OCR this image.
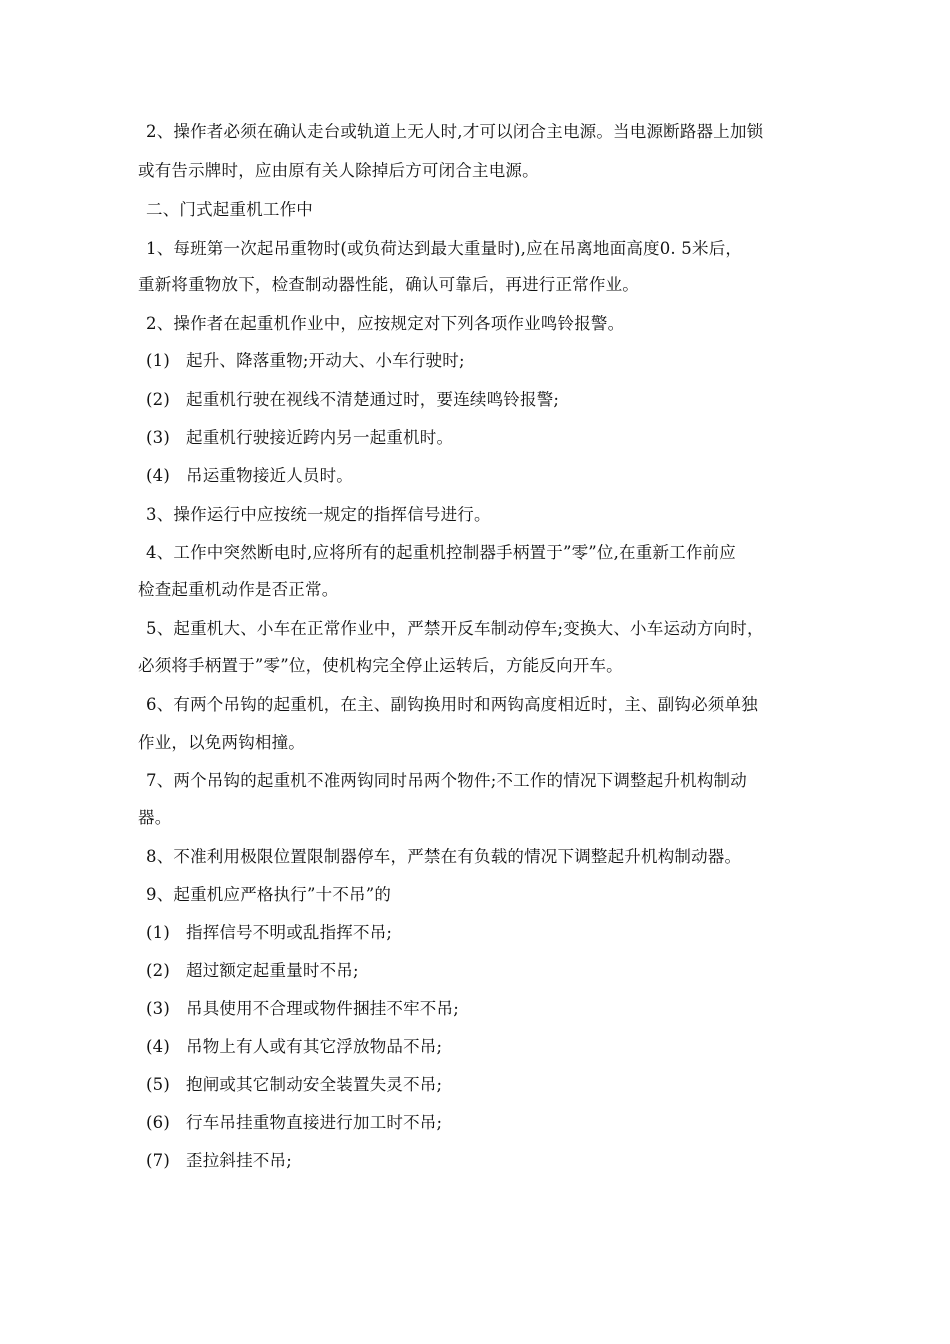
2、操作者必须在确认走台或轨道上无人时,才可以闭合主电源。当电源断路器上加锁
或有告示牌时，应由原有关人除掉后方可闭合主电源。
二、门式起重机工作中
1、每班第一次起吊重物时(或负荷达到最大重量时),应在吊离地面高度0. 5米后，
重新将重物放下，检查制动器性能，确认可靠后，再进行正常作业。
2、操作者在起重机作业中，应按规定对下列各项作业鸣铃报警。
(1) 起升、降落重物;开动大、小车行驶时;
(2) 起重机行驶在视线不清楚通过时，要连续鸣铃报警;
(3) 起重机行驶接近跨内另一起重机时。
(4) 吊运重物接近人员时。
3、操作运行中应按统一规定的指挥信号进行。
4、工作中突然断电时,应将所有的起重机控制器手柄置于”零”位,在重新工作前应
检查起重机动作是否正常。
5、起重机大、小车在正常作业中，严禁开反车制动停车;变换大、小车运动方向时，
必须将手柄置于”零”位，使机构完全停止运转后，方能反向开车。
6、有两个吊钩的起重机，在主、副钩换用时和两钩高度相近时，主、副钩必须单独
作业，以免两钩相撞。
7、两个吊钩的起重机不准两钩同时吊两个物件;不工作的情况下调整起升机构制动
器。
8、不准利用极限位置限制器停车，严禁在有负载的情况下调整起升机构制动器。
9、起重机应严格执行”十不吊”的
(1) 指挥信号不明或乱指挥不吊;
(2) 超过额定起重量时不吊;
(3) 吊具使用不合理或物件捆挂不牢不吊;
(4) 吊物上有人或有其它浮放物品不吊;
(5) 抱闸或其它制动安全装置失灵不吊;
(6) 行车吊挂重物直接进行加工时不吊;
(7) 歪拉斜挂不吊;
